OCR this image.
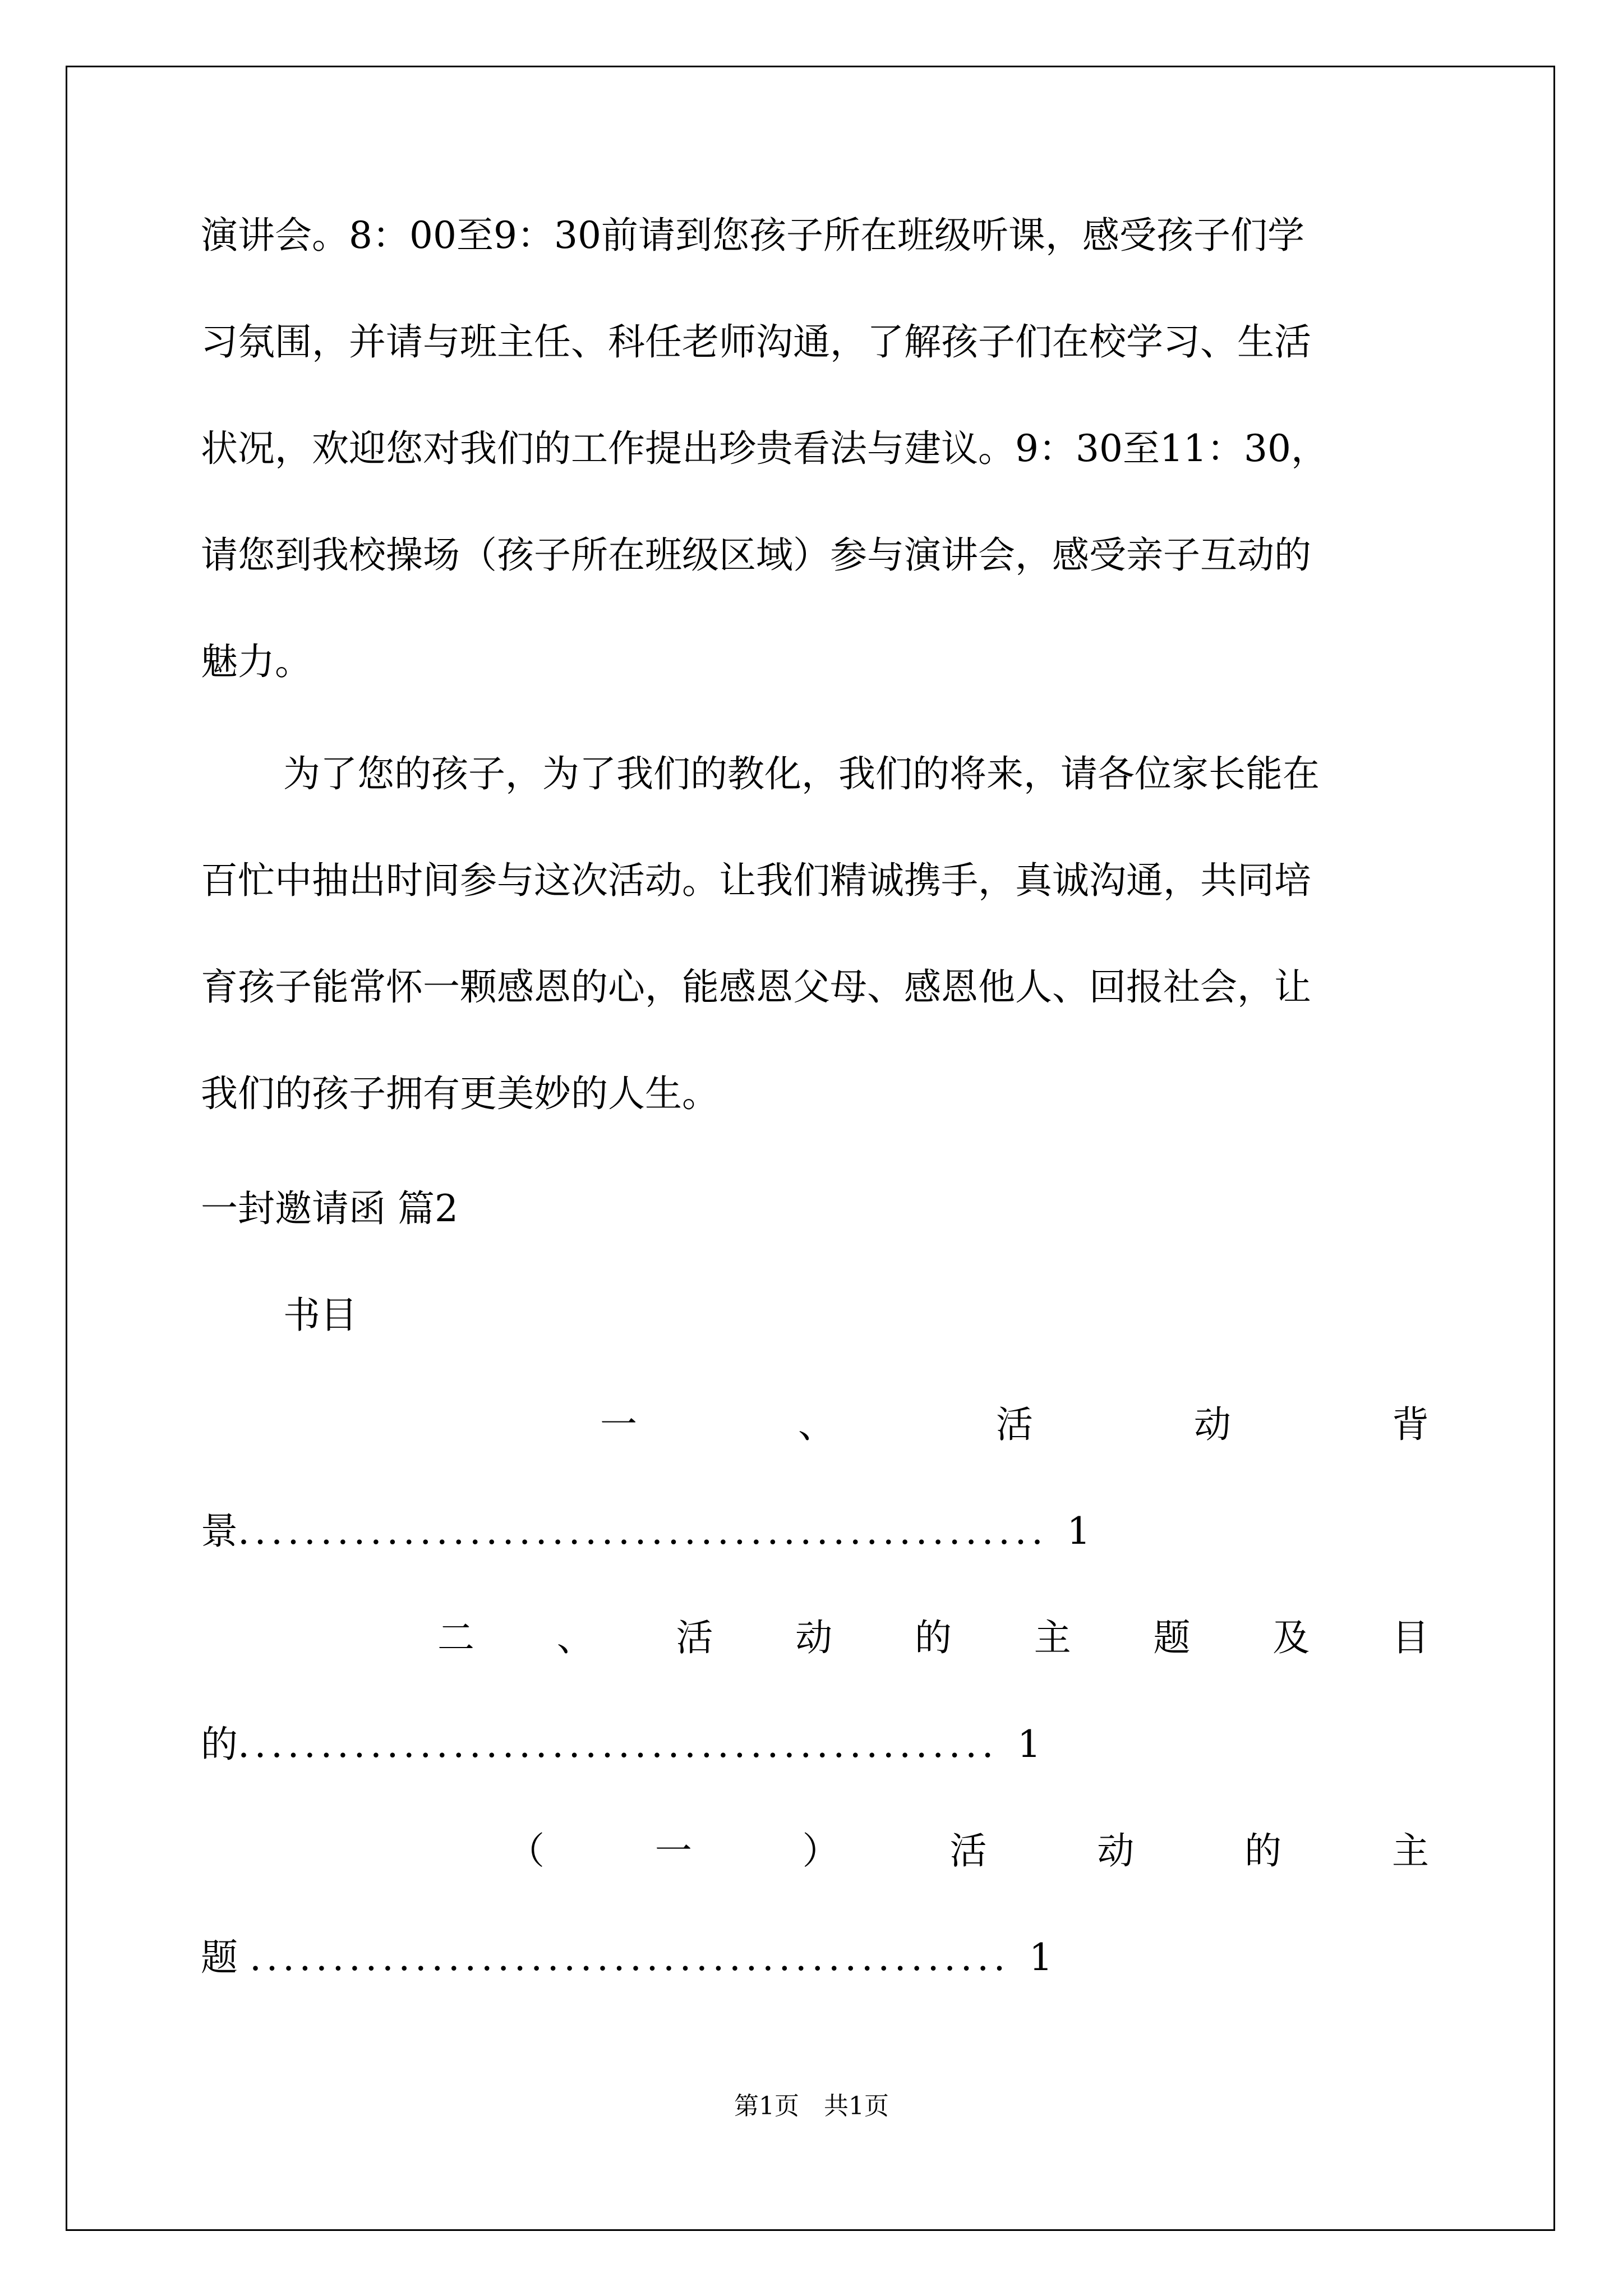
演讲会。8：00至9：30前请到您孩子所在班级听课，感受孩子们学
习氛围，并请与班主任、科任老师沟通，了解孩子们在校学习、生活
状况，欢迎您对我们的工作提出珍贵看法与建议。9：30至11：30，
请您到我校操场（孩子所在班级区域）参与演讲会，感受亲子互动的
魅力。
为了您的孩子，为了我们的教化，我们的将来，请各位家长能在
百忙中抽出时间参与这次活动。让我们精诚携手，真诚沟通，共同培
育孩子能常怀一颗感恩的心，能感恩父母、感恩他人、回报社会，让
我们的孩子拥有更美妙的人生。
一封邀请函 篇2
书目
一	、	活	动	背
景 ................................................. 1
二 、 活 动 的 主 题 及 目
的 .............................................. 1
（	一	）	活	动	的	主
题 .............................................. 1
第1页　共1页
